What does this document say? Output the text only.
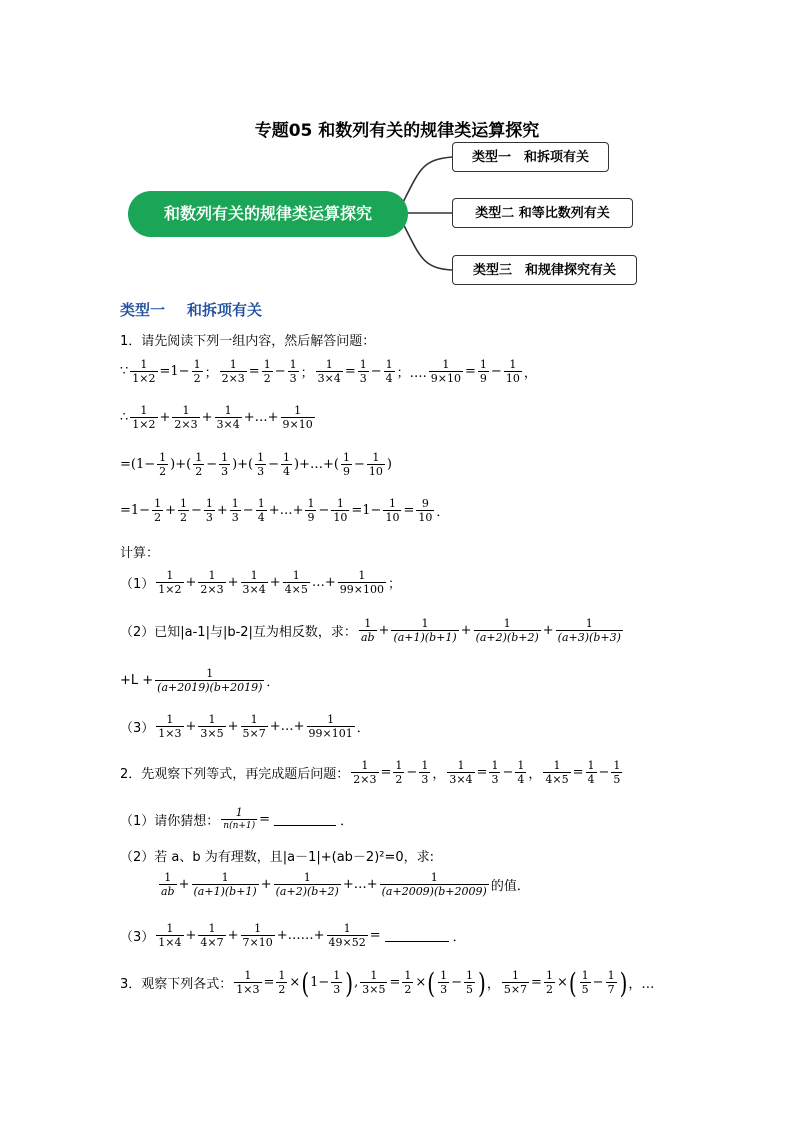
专题05 和数列有关的规律类运算探究
和数列有关的规律类运算探究
类型一　和拆项有关
类型二 和等比数列有关
类型三　和规律探究有关
类型一 和拆项有关
1．请先阅读下列一组内容，然后解答问题：
∵ $\frac{1}{1\times 2} =1- \frac{1}{2}$ ； $\frac{1}{2\times 3} = \frac{1}{2} - \frac{1}{3}$ ； $\frac{1}{3\times 4} = \frac{1}{3} - \frac{1}{4}$ ；…. $\frac{1}{9\times 10} = \frac{1}{9} - \frac{1}{10}$ ，
∴ $\frac{1}{1\times 2} + \frac{1}{2\times 3} + \frac{1}{3\times 4}$ +…+ $\frac{1}{9\times 10}$
$=(1- \frac{1}{2}$ )+( $\frac{1}{2} - \frac{1}{3}$ )+( $\frac{1}{3} - \frac{1}{4}$ )+…+( $\frac{1}{9} - \frac{1}{10}$ )
$=1- \frac{1}{2} + \frac{1}{2} - \frac{1}{3} + \frac{1}{3} - \frac{1}{4}$ +…+ $\frac{1}{9} - \frac{1}{10} =1- \frac{1}{10} = \frac{9}{10}$ ．
计算：
$(1) \frac{1}{1\times 2} + \frac{1}{2\times 3} + \frac{1}{3\times 4} + \frac{1}{4\times 5}$ …+ $\frac{1}{99\times 100}$ ；
（2）已知|a-1|与|b-2|互为相反数，求： $\frac{1}{ab} + \frac{1}{(a+1)(b+1)} + \frac{1}{(a+2)(b+2)} + \frac{1}{(a+3)(b+3)}$
$+L + \frac{1}{(a+2019)(b+2019)}$ ．
$(3) \frac{1}{1\times 3} + \frac{1}{3\times 5} + \frac{1}{5\times 7}$ +…+ $\frac{1}{99\times 101}$ ．
2．先观察下列等式，再完成题后问题： $\frac{1}{2\times 3} = \frac{1}{2} - \frac{1}{3}$ ， $\frac{1}{3\times 4} = \frac{1}{3} - \frac{1}{4}$ ， $\frac{1}{4\times 5} = \frac{1}{4} - \frac{1}{5}$
（1）请你猜想： $\frac{1}{n(n+1)}$ =	．
（2）若 a、b 为有理数，且|a－1|+(ab－2)²=0，求:
$\frac{1}{ab} + \frac{1}{(a+1)(b+1)} + \frac{1}{(a+2)(b+2)}$ +…+ $\frac{1}{(a+2009)(b+2009)}$ 的值．
$(3) \frac{1}{1\times 4} + \frac{1}{4\times 7} + \frac{1}{7\times 10}$ +……+ $\frac{1}{49\times 52}$ =	．
3．观察下列各式： $\frac{1}{1\times 3} = \frac{1}{2}$ × ( $1- \frac{1}{3}$ ) , $\frac{1}{3\times 5} = \frac{1}{2}$ × ( $\frac{1}{3} - \frac{1}{5}$ ) ， $\frac{1}{5\times 7} = \frac{1}{2}$ × ( $\frac{1}{5} - \frac{1}{7}$ ) ，…
